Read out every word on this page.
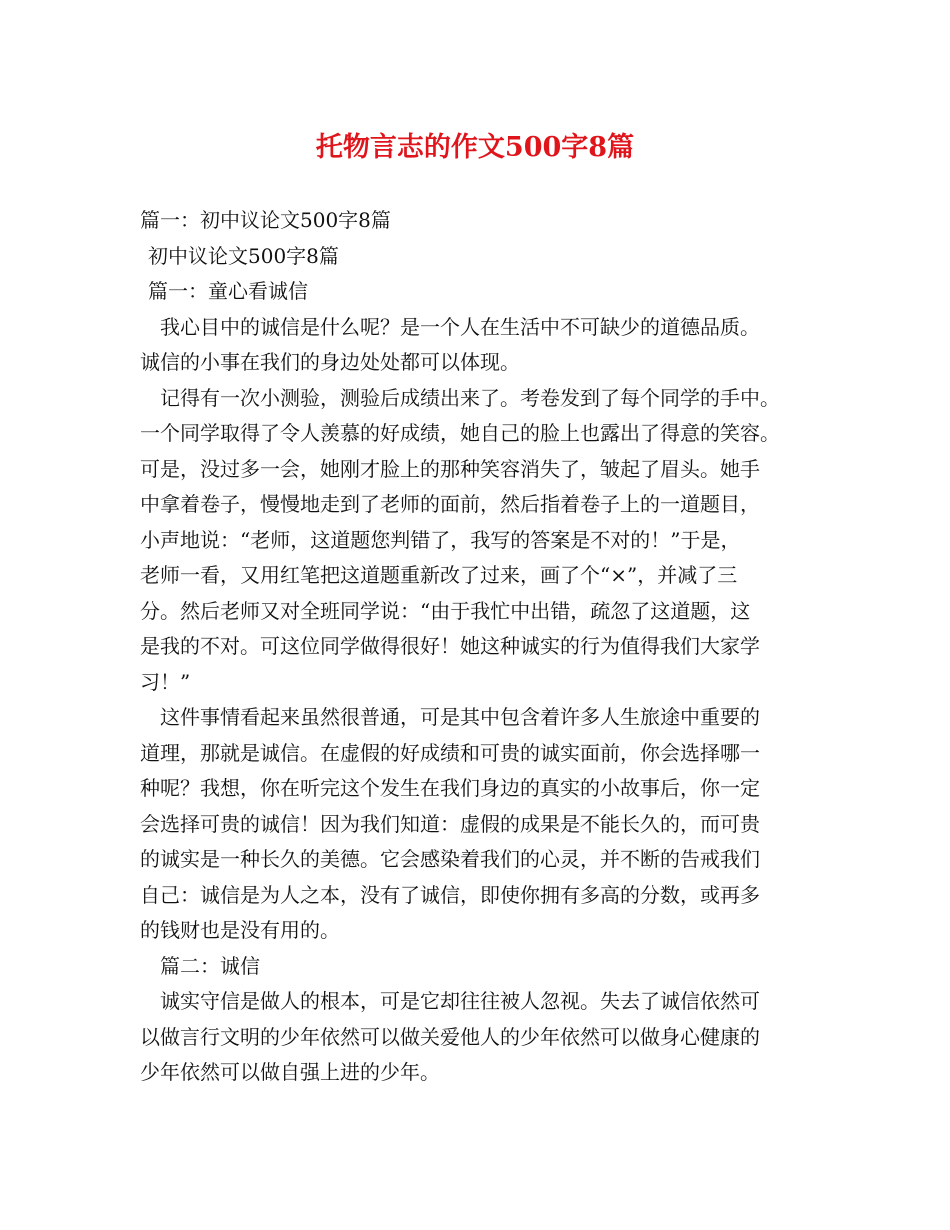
托物言志的作文500字8篇

篇一：初中议论文500字8篇

初中议论文500字8篇

篇一：童心看诚信

我心目中的诚信是什么呢？是一个人在生活中不可缺少的道德品质。

诚信的小事在我们的身边处处都可以体现。

记得有一次小测验，测验后成绩出来了。考卷发到了每个同学的手中。

一个同学取得了令人羡慕的好成绩，她自己的脸上也露出了得意的笑容。

可是，没过多一会，她刚才脸上的那种笑容消失了，皱起了眉头。她手

中拿着卷子，慢慢地走到了老师的面前，然后指着卷子上的一道题目，

小声地说：“老师，这道题您判错了，我写的答案是不对的！”于是，

老师一看，又用红笔把这道题重新改了过来，画了个“×”，并减了三

分。然后老师又对全班同学说：“由于我忙中出错，疏忽了这道题，这

是我的不对。可这位同学做得很好！她这种诚实的行为值得我们大家学

习！”

这件事情看起来虽然很普通，可是其中包含着许多人生旅途中重要的

道理，那就是诚信。在虚假的好成绩和可贵的诚实面前，你会选择哪一

种呢？我想，你在听完这个发生在我们身边的真实的小故事后，你一定

会选择可贵的诚信！因为我们知道：虚假的成果是不能长久的，而可贵

的诚实是一种长久的美德。它会感染着我们的心灵，并不断的告戒我们

自己：诚信是为人之本，没有了诚信，即使你拥有多高的分数，或再多

的钱财也是没有用的。

篇二：诚信

诚实守信是做人的根本，可是它却往往被人忽视。失去了诚信依然可

以做言行文明的少年依然可以做关爱他人的少年依然可以做身心健康的

少年依然可以做自强上进的少年。
